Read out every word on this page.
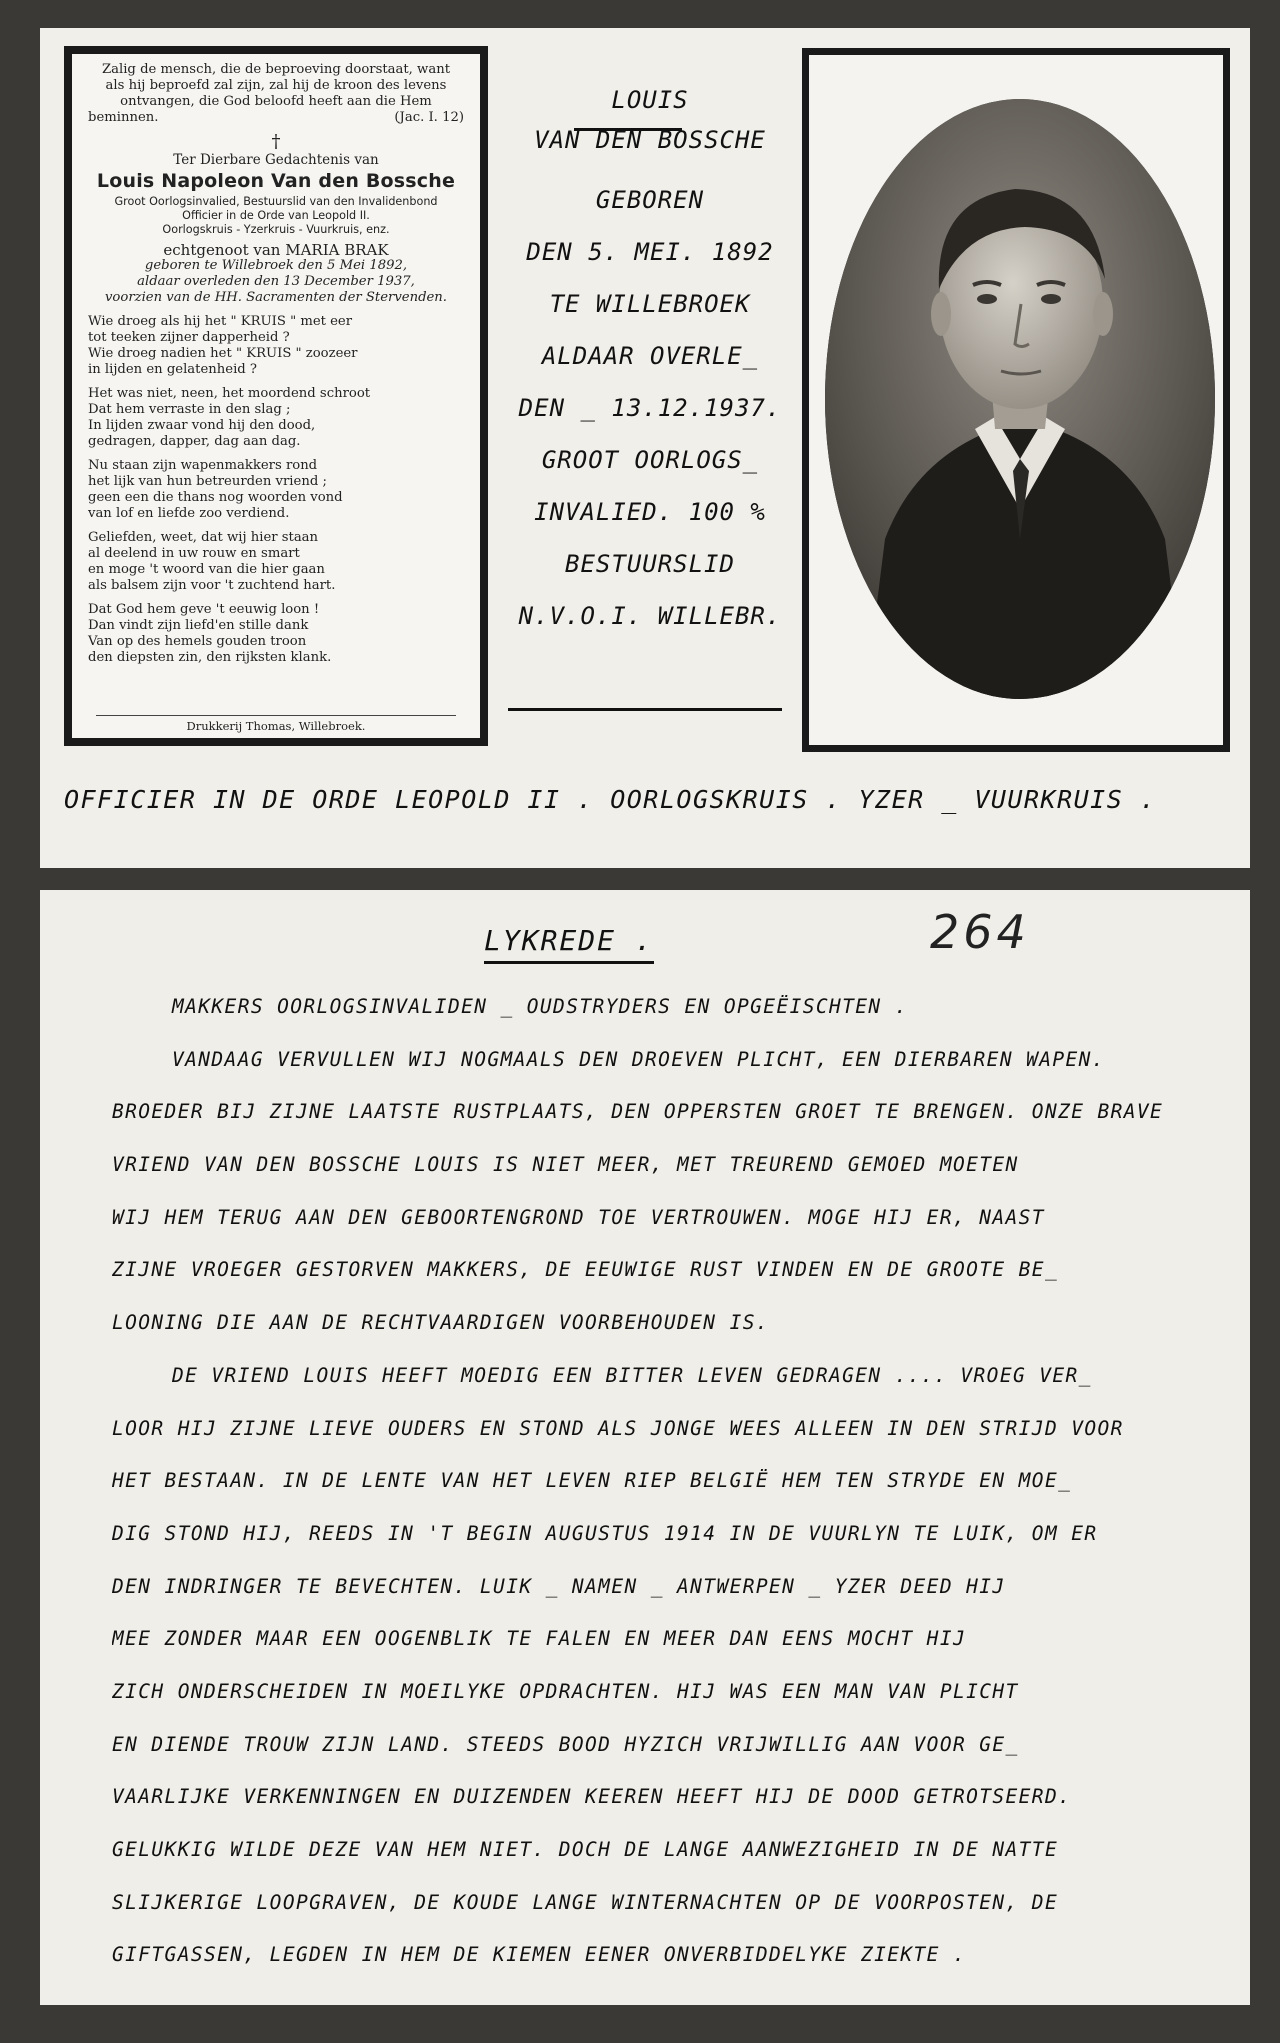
Zalig de mensch, die de beproeving doorstaat, want
als hij beproefd zal zijn, zal hij de kroon des levens
ontvangen, die God beloofd heeft aan die Hem
beminnen.	(Jac. I. 12)
†
Ter Dierbare Gedachtenis van
Louis Napoleon Van den Bossche
Groot Oorlogsinvalied, Bestuurslid van den Invalidenbond
Officier in de Orde van Leopold II.
Oorlogskruis - Yzerkruis - Vuurkruis, enz.
echtgenoot van MARIA BRAK
geboren te Willebroek den 5 Mei 1892,
aldaar overleden den 13 December 1937,
voorzien van de HH. Sacramenten der Stervenden.
Wie droeg als hij het " KRUIS " met eer
tot teeken zijner dapperheid ?
Wie droeg nadien het " KRUIS " zoozeer
in lijden en gelatenheid ?
Het was niet, neen, het moordend schroot
Dat hem verraste in den slag ;
In lijden zwaar vond hij den dood,
gedragen, dapper, dag aan dag.
Nu staan zijn wapenmakkers rond
het lijk van hun betreurden vriend ;
geen een die thans nog woorden vond
van lof en liefde zoo verdiend.
Geliefden, weet, dat wij hier staan
al deelend in uw rouw en smart
en moge 't woord van die hier gaan
als balsem zijn voor 't zuchtend hart.
Dat God hem geve 't eeuwig loon !
Dan vindt zijn liefd'en stille dank
Van op des hemels gouden troon
den diepsten zin, den rijksten klank.
Drukkerij Thomas, Willebroek.
LOUIS
VAN DEN BOSSCHE
GEBOREN
DEN 5. MEI. 1892
TE WILLEBROEK
ALDAAR OVERLE_
DEN _ 13.12.1937.
GROOT OORLOGS_
INVALIED. 100 %
BESTUURSLID
N.V.O.I. WILLEBR.
OFFICIER IN DE ORDE LEOPOLD II . OORLOGSKRUIS . YZER _ VUURKRUIS .
LYKREDE .	264
MAKKERS OORLOGSINVALIDEN _ OUDSTRYDERS EN OPGEËISCHTEN .
VANDAAG VERVULLEN WIJ NOGMAALS DEN DROEVEN PLICHT, EEN DIERBAREN WAPEN.
BROEDER BIJ ZIJNE LAATSTE RUSTPLAATS, DEN OPPERSTEN GROET TE BRENGEN. ONZE BRAVE
VRIEND VAN DEN BOSSCHE LOUIS IS NIET MEER, MET TREUREND GEMOED MOETEN
WIJ HEM TERUG AAN DEN GEBOORTENGROND TOE VERTROUWEN. MOGE HIJ ER, NAAST
ZIJNE VROEGER GESTORVEN MAKKERS, DE EEUWIGE RUST VINDEN EN DE GROOTE BE_
LOONING DIE AAN DE RECHTVAARDIGEN VOORBEHOUDEN IS.
DE VRIEND LOUIS HEEFT MOEDIG EEN BITTER LEVEN GEDRAGEN .... VROEG VER_
LOOR HIJ ZIJNE LIEVE OUDERS EN STOND ALS JONGE WEES ALLEEN IN DEN STRIJD VOOR
HET BESTAAN. IN DE LENTE VAN HET LEVEN RIEP BELGIË HEM TEN STRYDE EN MOE_
DIG STOND HIJ, REEDS IN 'T BEGIN AUGUSTUS 1914 IN DE VUURLYN TE LUIK, OM ER
DEN INDRINGER TE BEVECHTEN. LUIK _ NAMEN _ ANTWERPEN _ YZER DEED HIJ
MEE ZONDER MAAR EEN OOGENBLIK TE FALEN EN MEER DAN EENS MOCHT HIJ
ZICH ONDERSCHEIDEN IN MOEILYKE OPDRACHTEN. HIJ WAS EEN MAN VAN PLICHT
EN DIENDE TROUW ZIJN LAND. STEEDS BOOD HYZICH VRIJWILLIG AAN VOOR GE_
VAARLIJKE VERKENNINGEN EN DUIZENDEN KEEREN HEEFT HIJ DE DOOD GETROTSEERD.
GELUKKIG WILDE DEZE VAN HEM NIET. DOCH DE LANGE AANWEZIGHEID IN DE NATTE
SLIJKERIGE LOOPGRAVEN, DE KOUDE LANGE WINTERNACHTEN OP DE VOORPOSTEN, DE
GIFTGASSEN, LEGDEN IN HEM DE KIEMEN EENER ONVERBIDDELYKE ZIEKTE .
